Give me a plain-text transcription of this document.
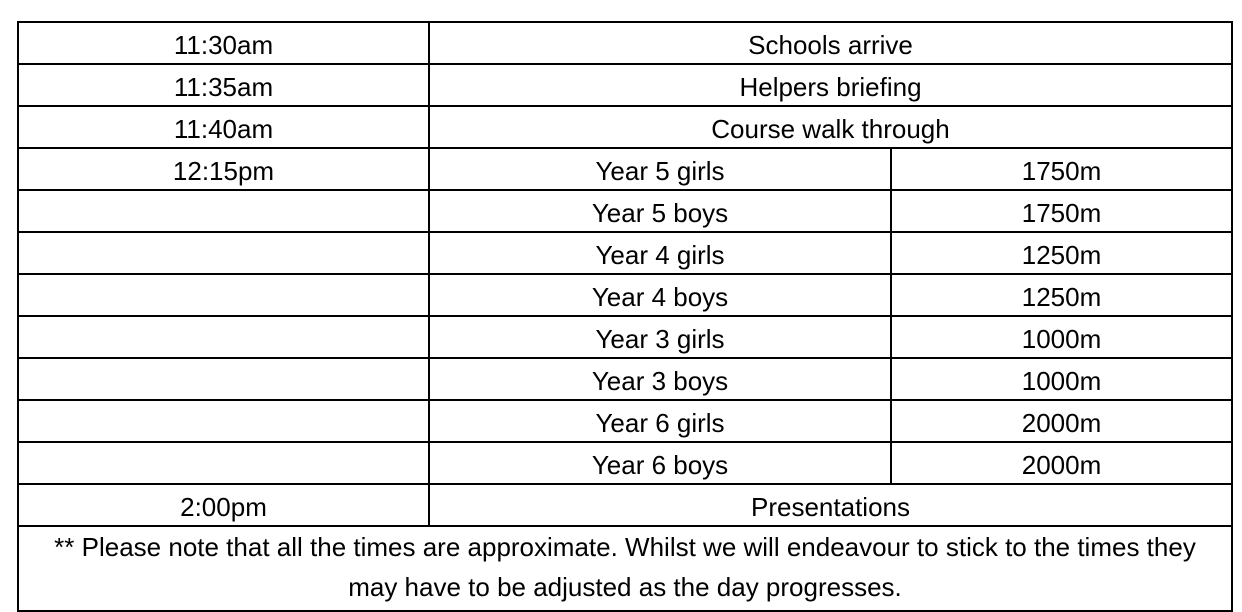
11:30am	Schools arrive	
11:35am	Helpers briefing	
11:40am	Course walk through	
12:15pm	Year 5 girls	1750m
	Year 5 boys	1750m
	Year 4 girls	1250m
	Year 4 boys	1250m
	Year 3 girls	1000m
	Year 3 boys	1000m
	Year 6 girls	2000m
	Year 6 boys	2000m
2:00pm	Presentations	
** Please note that all the times are approximate. Whilst we will endeavour to stick to the times they may have to be adjusted as the day progresses.		
